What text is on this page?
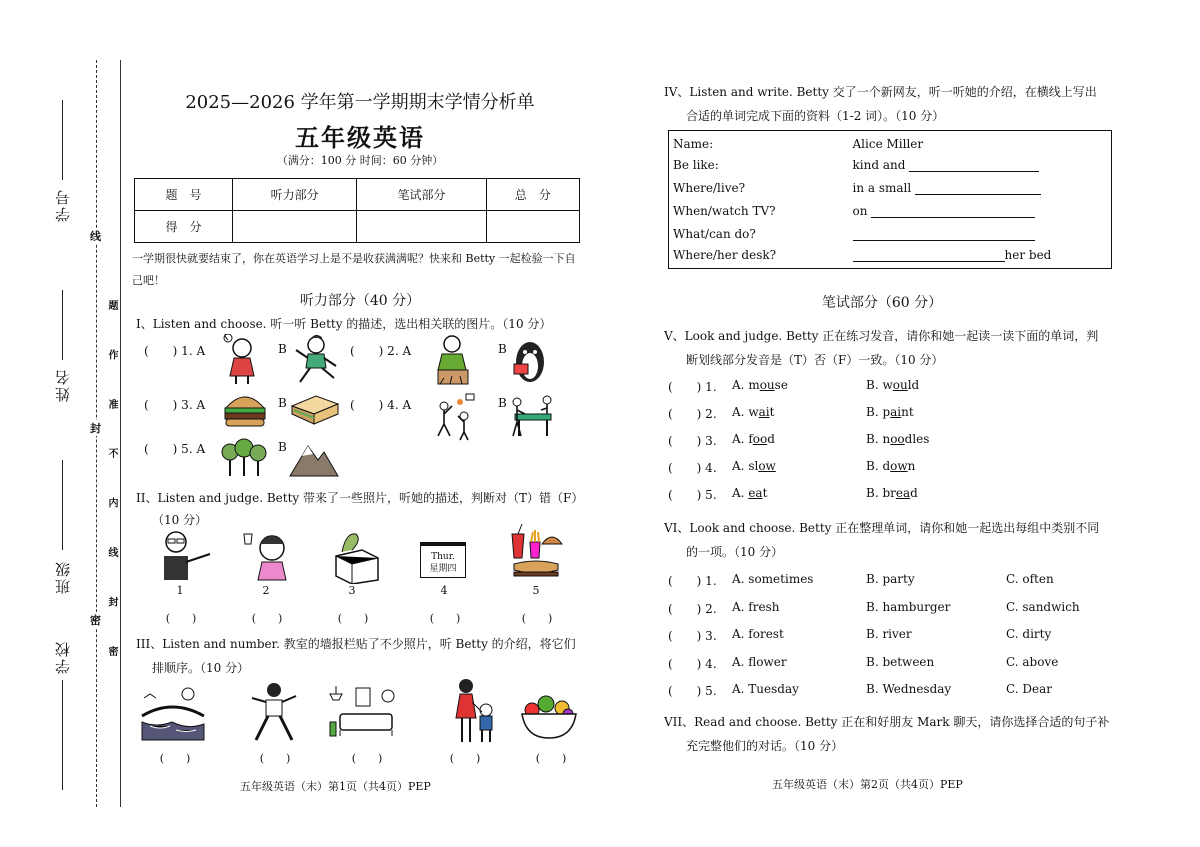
学号
姓名
班级
学校
线
封
密 题 作 准 不 内 线 封 密
2025—2026 学年第一学期期末学情分析单
五年级英语
（满分：100 分 时间：60 分钟）
题　号	听力部分	笔试部分	总　分
得　分			
一学期很快就要结束了，你在英语学习上是不是收获满满呢？快来和 Betty 一起检验一下自己吧！
听力部分（40 分）
I、Listen and choose. 听一听 Betty 的描述，选出相关联的图片。（10 分）
(　　) 1. A	B	(　　) 2. A	B
(　　) 3. A	B	(　　) 4. A	B
(　　) 5. A	B
II、Listen and judge. Betty 带来了一些照片，听她的描述，判断对（T）错（F）
（10 分）
Thur.
星期四
1	2	3	4	5
(　　)	(　　)	(　　)	(　　)	(　　)
III、Listen and number. 教室的墙报栏贴了不少照片，听 Betty 的介绍，将它们
排顺序。（10 分）
(　　)	(　　)	(　　)	(　　)	(　　)
五年级英语（末）第1页（共4页）PEP
IV、Listen and write. Betty 交了一个新网友，听一听她的介绍，在横线上写出
合适的单词完成下面的资料（1-2 词）。（10 分）
Name:	Alice Miller
Be like:	kind and
Where/live?	in a small
When/watch TV?	on
What/can do?	
Where/her desk?	her bed
笔试部分（60 分）
V、Look and judge. Betty 正在练习发音，请你和她一起读一读下面的单词，判
断划线部分发音是（T）否（F）一致。（10 分）
(　　) 1. A. mouse	B. would
(　　) 2. A. wait	B. paint
(　　) 3. A. food	B. noodles
(　　) 4. A. slow	B. down
(　　) 5. A. eat	B. bread
VI、Look and choose. Betty 正在整理单词，请你和她一起选出每组中类别不同
的一项。（10 分）
(　　) 1. A. sometimes	B. party	C. often
(　　) 2. A. fresh	B. hamburger	C. sandwich
(　　) 3. A. forest	B. river	C. dirty
(　　) 4. A. flower	B. between	C. above
(　　) 5. A. Tuesday	B. Wednesday	C. Dear
VII、Read and choose. Betty 正在和好朋友 Mark 聊天，请你选择合适的句子补
充完整他们的对话。（10 分）
五年级英语（末）第2页（共4页）PEP
